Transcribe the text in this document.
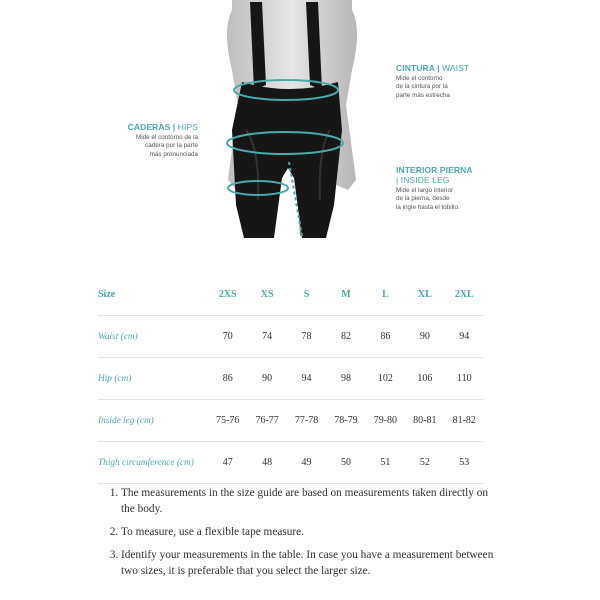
CADERAS | HIPS
Mide el contorno de la
cadera por la parte
más pronunciada
CINTURA | WAIST
Mide el contorno
de la cintura por la
parte más estrecha
INTERIOR PIERNA
| INSIDE LEG
Mide el largo interior
de la pierna, desde
la ingle hasta el tobillo.
Size	2XS	XS	S	M	L	XL	2XL
Waist (cm)	70	74	78	82	86	90	94
Hip (cm)	86	90	94	98	102	106	110
Inside leg (cm)	75-76	76-77	77-78	78-79	79-80	80-81	81-82
Thigh circumference (cm)	47	48	49	50	51	52	53
1. The measurements in the size guide are based on measurements taken directly on the body.
2. To measure, use a flexible tape measure.
3. Identify your measurements in the table. In case you have a measurement between two sizes, it is preferable that you select the larger size.
